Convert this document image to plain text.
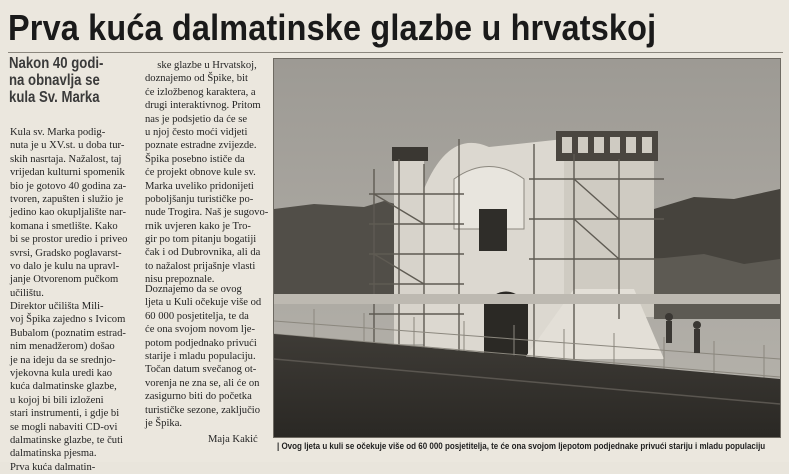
Prva kuća dalmatinske glazbe u hrvatskoj
Nakon 40 godi-
na obnavlja se
kula Sv. Marka
Kula sv. Marka podig-
nuta je u XV.st. u doba tur-
skih nasrtaja. Nažalost, taj
vrijedan kulturni spomenik
bio je gotovo 40 godina za-
tvoren, zapušten i služio je
jedino kao okupljalište nar-
komana i smetlište. Kako
bi se prostor uredio i priveo
svrsi, Gradsko poglavarst-
vo dalo je kulu na upravl-
janje Otvorenom pučkom
učilištu.
Direktor učilišta Mili-
voj Špika zajedno s Ivicom
Bubalom (poznatim estrad-
nim menadžerom) došao
je na ideju da se srednjo-
vjekovna kula uredi kao
kuća dalmatinske glazbe,
u kojoj bi bili izloženi
stari instrumenti, i gdje bi
se mogli nabaviti CD-ovi
dalmatinske glazbe, te čuti
dalmatinska pjesma.
Prva kuća dalmatin-
ske glazbe u Hrvatskoj,
doznajemo od Špike, bit
će izložbenog karaktera, a
drugi interaktivnog. Pritom
nas je podsjetio da će se
u njoj često moći vidjeti
poznate estradne zvijezde.
Špika posebno ističe da
će projekt obnove kule sv.
Marka uveliko pridonijeti
poboljšanju turističke po-
nude Trogira. Naš je sugovo-
rnik uvjeren kako je Tro-
gir po tom pitanju bogatiji
čak i od Dubrovnika, ali da
to nažalost prijašnje vlasti
nisu prepoznale.
Doznajemo da se ovog
ljeta u Kuli očekuje više od
60 000 posjetitelja, te da
će ona svojom novom lje-
potom podjednako privući
starije i mladu populaciju.
Točan datum svečanog ot-
vorenja ne zna se, ali će on
zasigurno biti do početka
turističke sezone, zaključio
je Špika.
Maja Kakić
| Ovog ljeta u kuli se očekuje više od 60 000 posjetitelja, te će ona svojom ljepotom podjednake privući stariju i mladu populaciju
